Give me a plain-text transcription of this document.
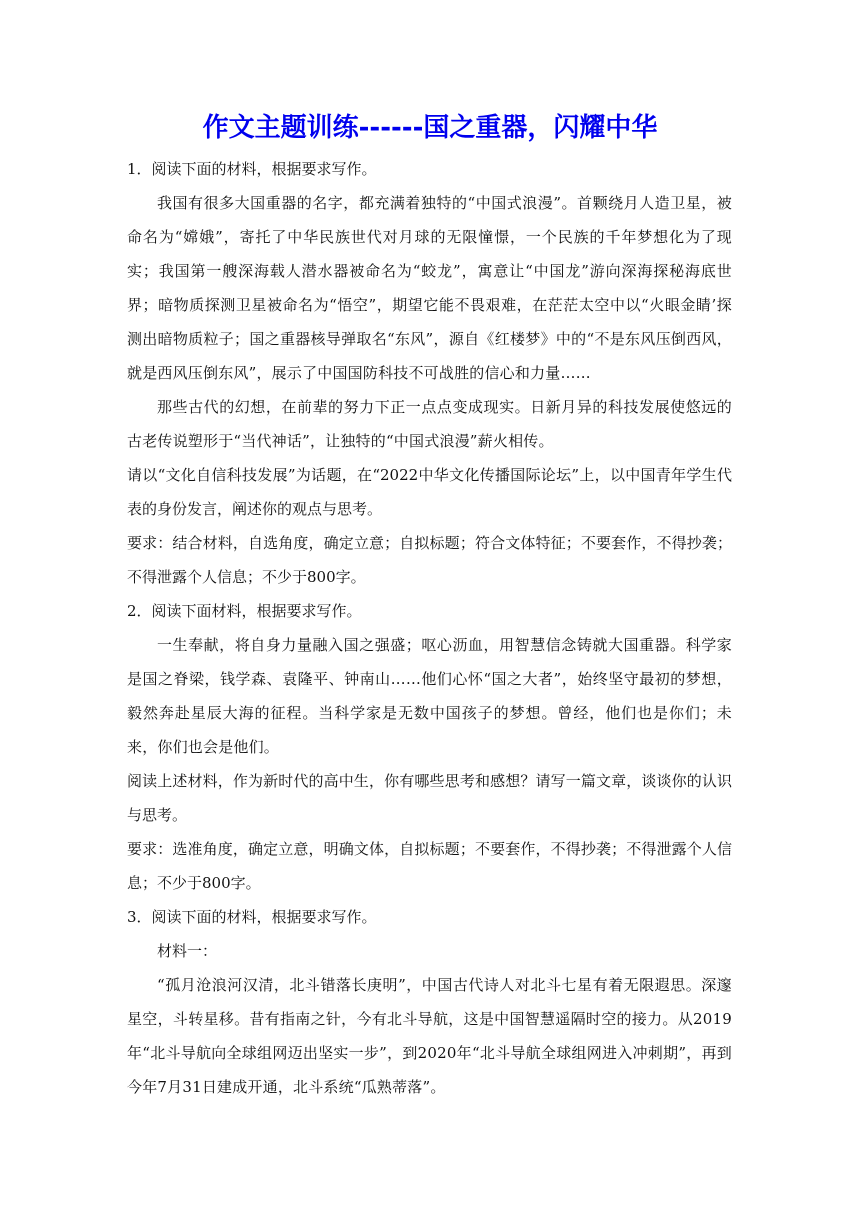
作文主题训练------国之重器，闪耀中华

1．阅读下面的材料，根据要求写作。

我国有很多大国重器的名字，都充满着独特的“中国式浪漫”。首颗绕月人造卫星，被命名为“嫦娥”，寄托了中华民族世代对月球的无限憧憬，一个民族的千年梦想化为了现实；我国第一艘深海载人潜水器被命名为“蛟龙”，寓意让“中国龙”游向深海探秘海底世界；暗物质探测卫星被命名为“悟空”，期望它能不畏艰难，在茫茫太空中以“火眼金睛’探测出暗物质粒子；国之重器核导弹取名“东风”，源自《红楼梦》中的“不是东风压倒西风，就是西风压倒东风”，展示了中国国防科技不可战胜的信心和力量……

那些古代的幻想，在前辈的努力下正一点点变成现实。日新月异的科技发展使悠远的古老传说塑形于“当代神话”，让独特的“中国式浪漫”薪火相传。

请以“文化自信科技发展”为话题，在“2022中华文化传播国际论坛”上，以中国青年学生代表的身份发言，阐述你的观点与思考。

要求：结合材料，自选角度，确定立意；自拟标题；符合文体特征；不要套作，不得抄袭；不得泄露个人信息；不少于800字。

2．阅读下面材料，根据要求写作。

一生奉献，将自身力量融入国之强盛；呕心沥血，用智慧信念铸就大国重器。科学家是国之脊梁，钱学森、袁隆平、钟南山……他们心怀“国之大者”，始终坚守最初的梦想，毅然奔赴星辰大海的征程。当科学家是无数中国孩子的梦想。曾经，他们也是你们；未来，你们也会是他们。

阅读上述材料，作为新时代的高中生，你有哪些思考和感想？请写一篇文章，谈谈你的认识与思考。

要求：选准角度，确定立意，明确文体，自拟标题；不要套作，不得抄袭；不得泄露个人信息；不少于800字。

3．阅读下面的材料，根据要求写作。

材料一：

“孤月沧浪河汉清，北斗错落长庚明”，中国古代诗人对北斗七星有着无限遐思。深邃星空，斗转星移。昔有指南之针，今有北斗导航，这是中国智慧遥隔时空的接力。从2019年“北斗导航向全球组网迈出坚实一步”，到2020年“北斗导航全球组网进入冲刺期”，再到今年7月31日建成开通，北斗系统“瓜熟蒂落”。
